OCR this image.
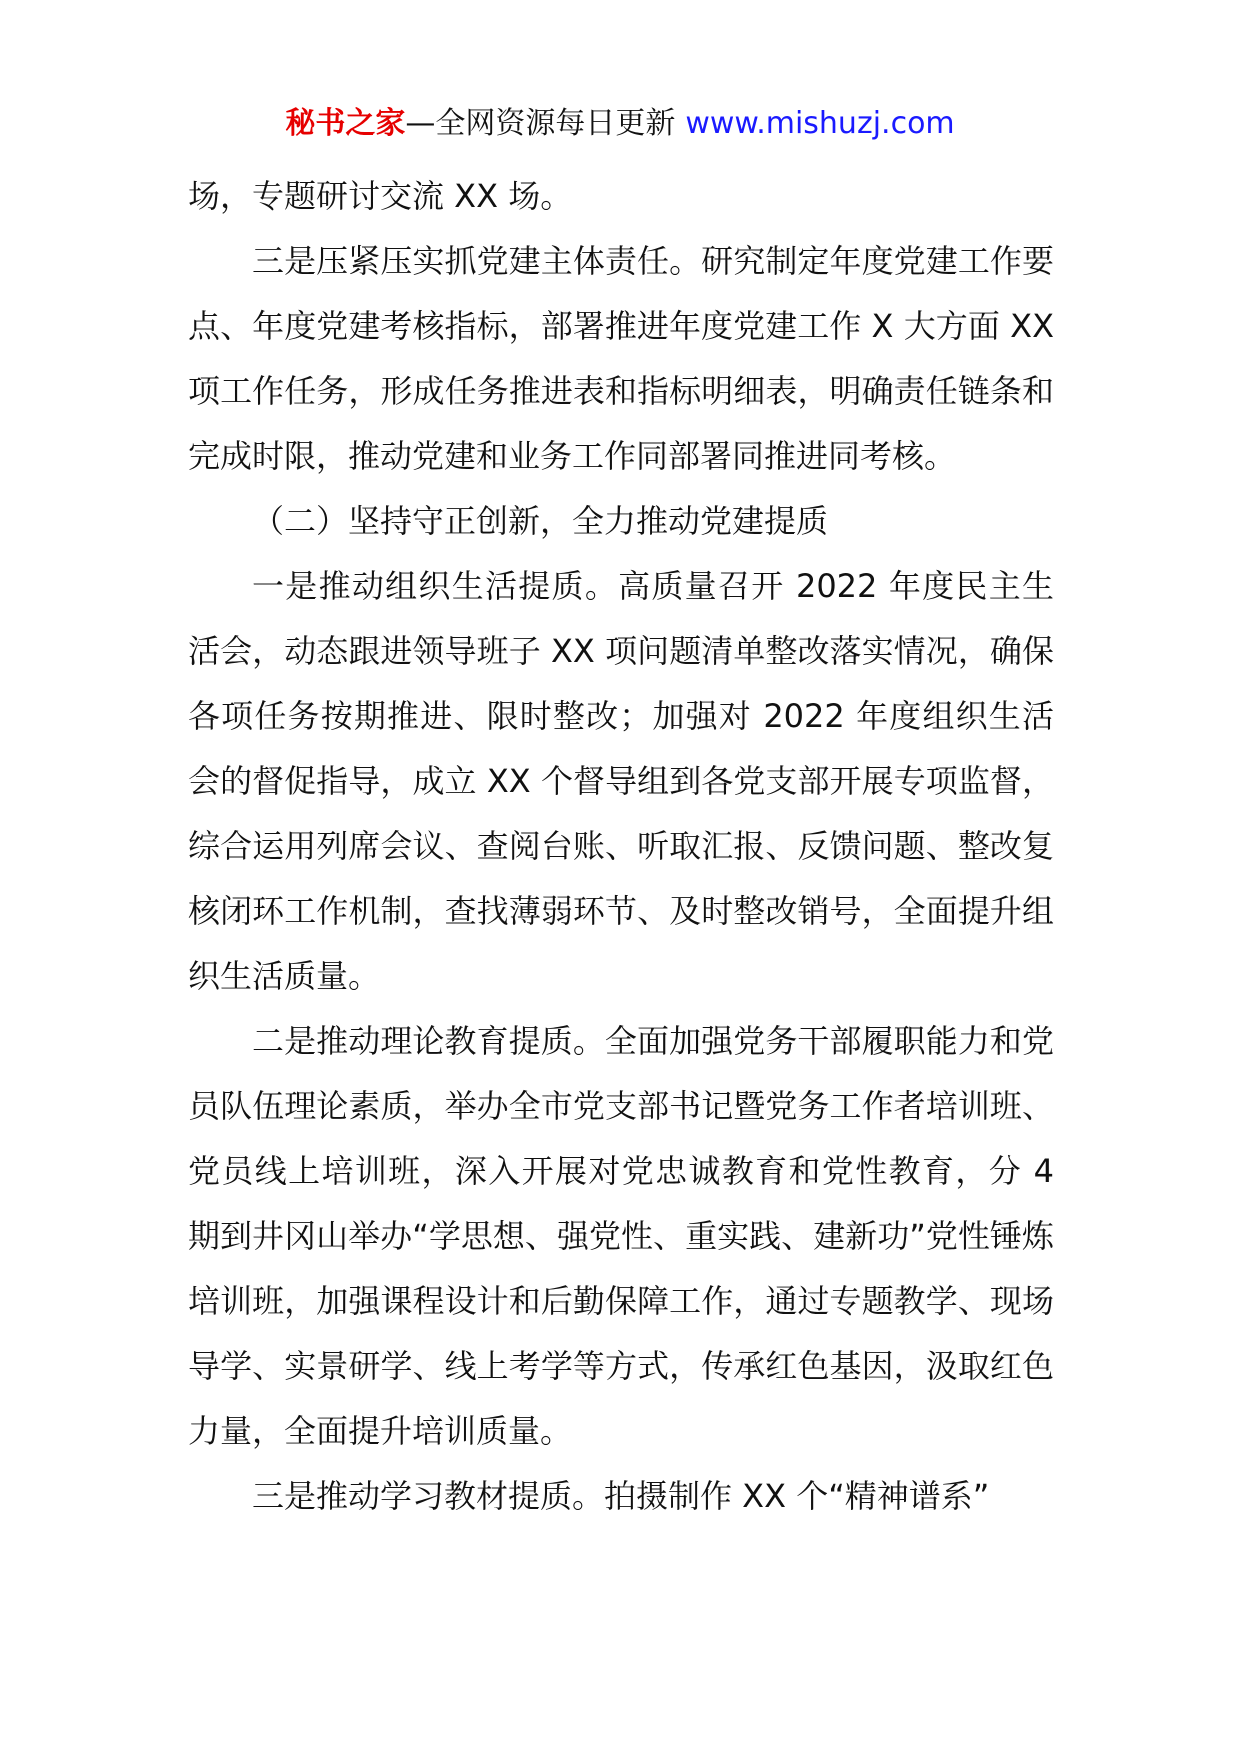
秘书之家—全网资源每日更新 www.mishuzj.com

场，专题研讨交流 XX 场。

三是压紧压实抓党建主体责任。研究制定年度党建工作要点、年度党建考核指标，部署推进年度党建工作 X 大方面 XX 项工作任务，形成任务推进表和指标明细表，明确责任链条和完成时限，推动党建和业务工作同部署同推进同考核。

（二）坚持守正创新，全力推动党建提质

一是推动组织生活提质。高质量召开 2022 年度民主生活会，动态跟进领导班子 XX 项问题清单整改落实情况，确保各项任务按期推进、限时整改；加强对 2022 年度组织生活会的督促指导，成立 XX 个督导组到各党支部开展专项监督，综合运用列席会议、查阅台账、听取汇报、反馈问题、整改复核闭环工作机制，查找薄弱环节、及时整改销号，全面提升组织生活质量。

二是推动理论教育提质。全面加强党务干部履职能力和党员队伍理论素质，举办全市党支部书记暨党务工作者培训班、党员线上培训班，深入开展对党忠诚教育和党性教育，分 4 期到井冈山举办“学思想、强党性、重实践、建新功”党性锤炼培训班，加强课程设计和后勤保障工作，通过专题教学、现场导学、实景研学、线上考学等方式，传承红色基因，汲取红色力量，全面提升培训质量。

三是推动学习教材提质。拍摄制作 XX 个“精神谱系”
